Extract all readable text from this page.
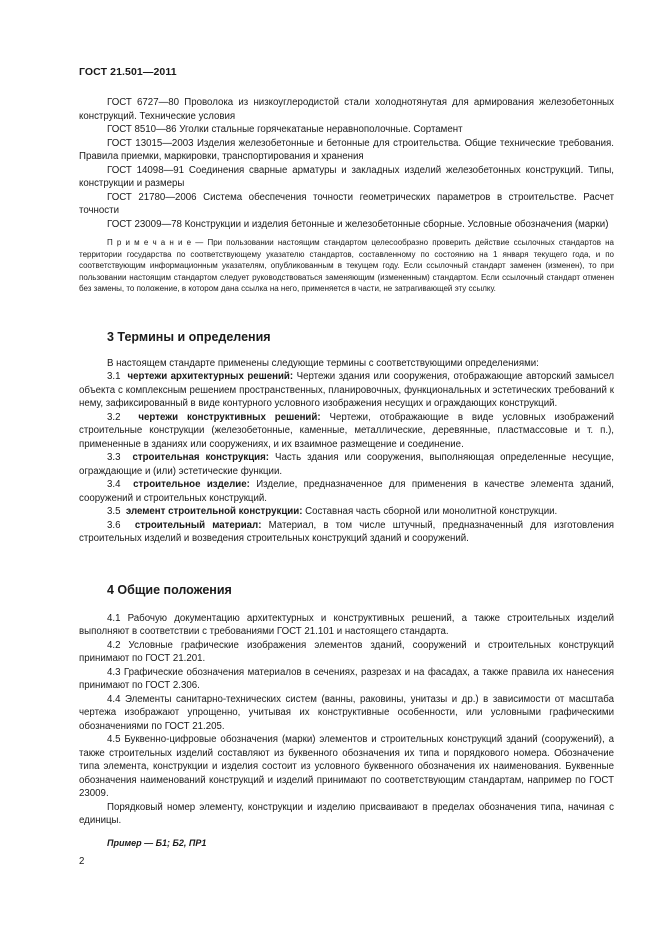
ГОСТ 21.501—2011

ГОСТ 6727—80 Проволока из низкоуглеродистой стали холоднотянутая для армирования железобетонных конструкций. Технические условия

ГОСТ 8510—86 Уголки стальные горячекатаные неравнополочные. Сортамент

ГОСТ 13015—2003 Изделия железобетонные и бетонные для строительства. Общие технические требования. Правила приемки, маркировки, транспортирования и хранения

ГОСТ 14098—91 Соединения сварные арматуры и закладных изделий железобетонных конструкций. Типы, конструкции и размеры

ГОСТ 21780—2006 Система обеспечения точности геометрических параметров в строительстве. Расчет точности

ГОСТ 23009—78 Конструкции и изделия бетонные и железобетонные сборные. Условные обозначения (марки)

П р и м е ч а н и е — При пользовании настоящим стандартом целесообразно проверить действие ссылочных стандартов на территории государства по соответствующему указателю стандартов, составленному по состоянию на 1 января текущего года, и по соответствующим информационным указателям, опубликованным в текущем году. Если ссылочный стандарт заменен (изменен), то при пользовании настоящим стандартом следует руководствоваться заменяющим (измененным) стандартом. Если ссылочный стандарт отменен без замены, то положение, в котором дана ссылка на него, применяется в части, не затрагивающей эту ссылку.

3 Термины и определения

В настоящем стандарте применены следующие термины с соответствующими определениями:

3.1 чертежи архитектурных решений: Чертежи здания или сооружения, отображающие авторский замысел объекта с комплексным решением пространственных, планировочных, функциональных и эстетических требований к нему, зафиксированный в виде контурного условного изображения несущих и ограждающих конструкций.

3.2 чертежи конструктивных решений: Чертежи, отображающие в виде условных изображений строительные конструкции (железобетонные, каменные, металлические, деревянные, пластмассовые и т. п.), примененные в зданиях или сооружениях, и их взаимное размещение и соединение.

3.3 строительная конструкция: Часть здания или сооружения, выполняющая определенные несущие, ограждающие и (или) эстетические функции.

3.4 строительное изделие: Изделие, предназначенное для применения в качестве элемента зданий, сооружений и строительных конструкций.

3.5 элемент строительной конструкции: Составная часть сборной или монолитной конструкции.

3.6 строительный материал: Материал, в том числе штучный, предназначенный для изготовления строительных изделий и возведения строительных конструкций зданий и сооружений.

4 Общие положения

4.1 Рабочую документацию архитектурных и конструктивных решений, а также строительных изделий выполняют в соответствии с требованиями ГОСТ 21.101 и настоящего стандарта.

4.2 Условные графические изображения элементов зданий, сооружений и строительных конструкций принимают по ГОСТ 21.201.

4.3 Графические обозначения материалов в сечениях, разрезах и на фасадах, а также правила их нанесения принимают по ГОСТ 2.306.

4.4 Элементы санитарно-технических систем (ванны, раковины, унитазы и др.) в зависимости от масштаба чертежа изображают упрощенно, учитывая их конструктивные особенности, или условными графическими обозначениями по ГОСТ 21.205.

4.5 Буквенно-цифровые обозначения (марки) элементов и строительных конструкций зданий (сооружений), а также строительных изделий составляют из буквенного обозначения их типа и порядкового номера. Обозначение типа элемента, конструкции и изделия состоит из условного буквенного обозначения их наименования. Буквенные обозначения наименований конструкций и изделий принимают по соответствующим стандартам, например по ГОСТ 23009.

Порядковый номер элементу, конструкции и изделию присваивают в пределах обозначения типа, начиная с единицы.

Пример — Б1; Б2, ПР1

2
